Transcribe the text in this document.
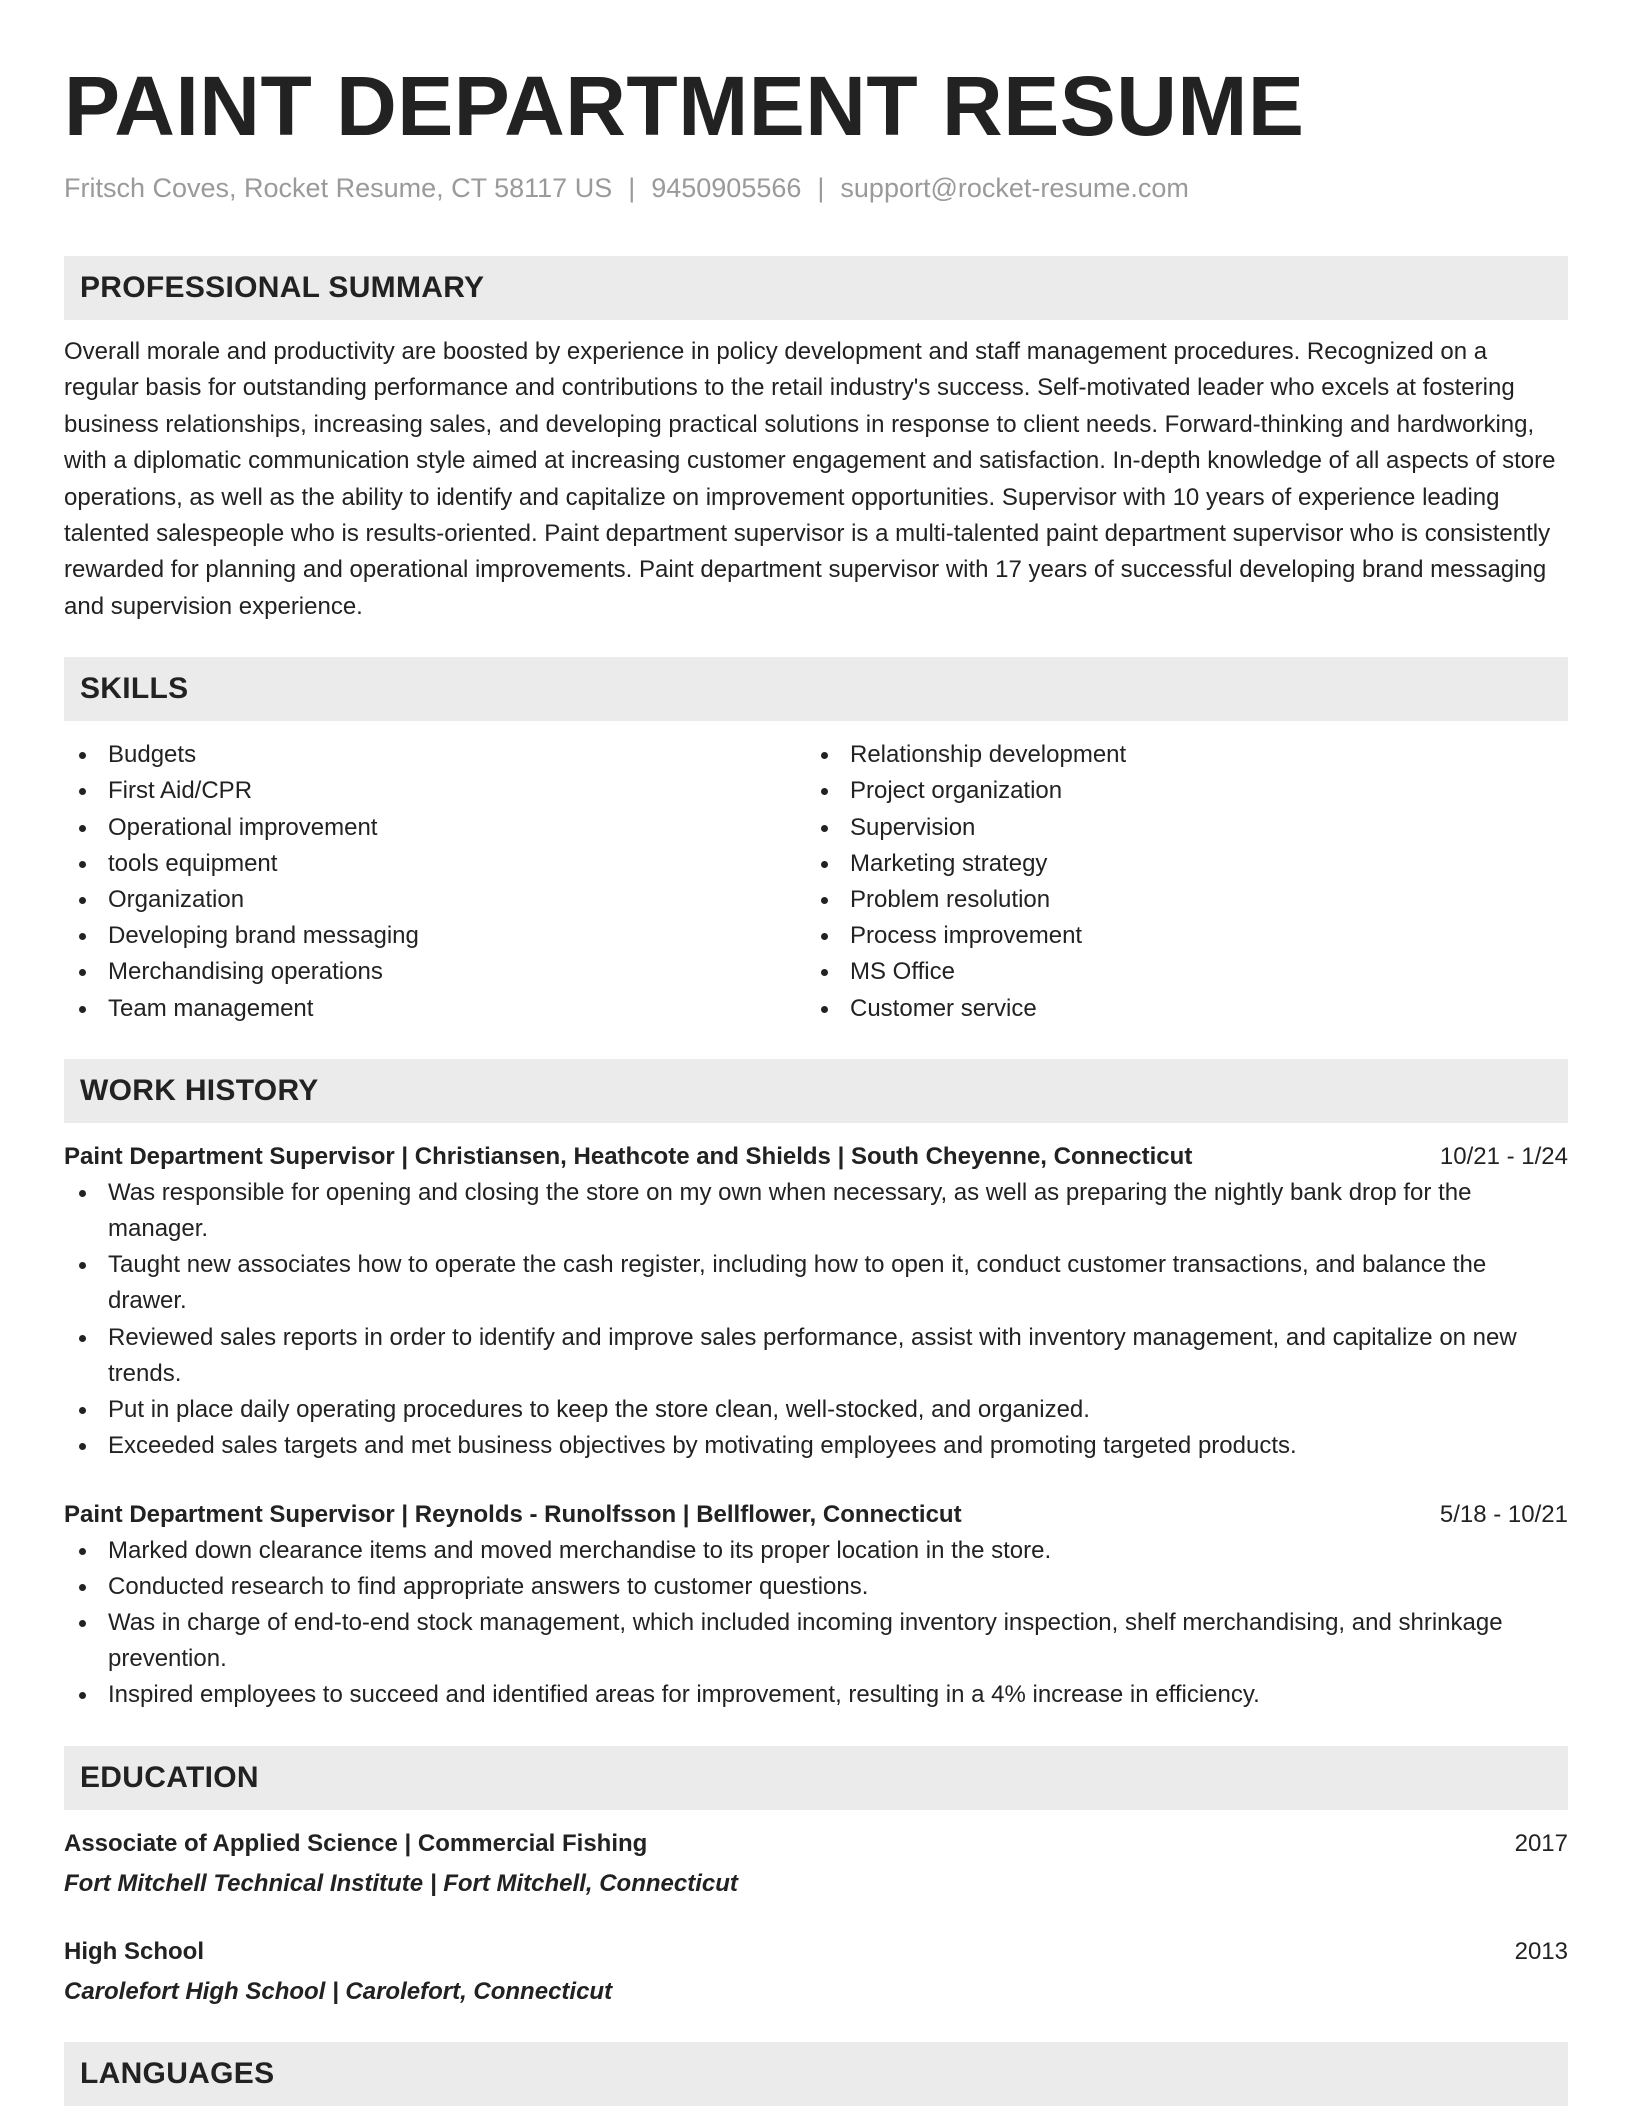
PAINT DEPARTMENT RESUME
Fritsch Coves, Rocket Resume, CT 58117 US | 9450905566 | support@rocket-resume.com
PROFESSIONAL SUMMARY
Overall morale and productivity are boosted by experience in policy development and staff management procedures. Recognized on a regular basis for outstanding performance and contributions to the retail industry's success. Self-motivated leader who excels at fostering business relationships, increasing sales, and developing practical solutions in response to client needs. Forward-thinking and hardworking, with a diplomatic communication style aimed at increasing customer engagement and satisfaction. In-depth knowledge of all aspects of store operations, as well as the ability to identify and capitalize on improvement opportunities. Supervisor with 10 years of experience leading talented salespeople who is results-oriented. Paint department supervisor is a multi-talented paint department supervisor who is consistently rewarded for planning and operational improvements. Paint department supervisor with 17 years of successful developing brand messaging and supervision experience.
SKILLS
Budgets
First Aid/CPR
Operational improvement
tools equipment
Organization
Developing brand messaging
Merchandising operations
Team management
Relationship development
Project organization
Supervision
Marketing strategy
Problem resolution
Process improvement
MS Office
Customer service
WORK HISTORY
Paint Department Supervisor | Christiansen, Heathcote and Shields | South Cheyenne, Connecticut	10/21 - 1/24
Was responsible for opening and closing the store on my own when necessary, as well as preparing the nightly bank drop for the manager.
Taught new associates how to operate the cash register, including how to open it, conduct customer transactions, and balance the drawer.
Reviewed sales reports in order to identify and improve sales performance, assist with inventory management, and capitalize on new trends.
Put in place daily operating procedures to keep the store clean, well-stocked, and organized.
Exceeded sales targets and met business objectives by motivating employees and promoting targeted products.
Paint Department Supervisor | Reynolds - Runolfsson | Bellflower, Connecticut	5/18 - 10/21
Marked down clearance items and moved merchandise to its proper location in the store.
Conducted research to find appropriate answers to customer questions.
Was in charge of end-to-end stock management, which included incoming inventory inspection, shelf merchandising, and shrinkage prevention.
Inspired employees to succeed and identified areas for improvement, resulting in a 4% increase in efficiency.
EDUCATION
Associate of Applied Science | Commercial Fishing	2017
Fort Mitchell Technical Institute | Fort Mitchell, Connecticut
High School	2013
Carolefort High School | Carolefort, Connecticut
LANGUAGES
